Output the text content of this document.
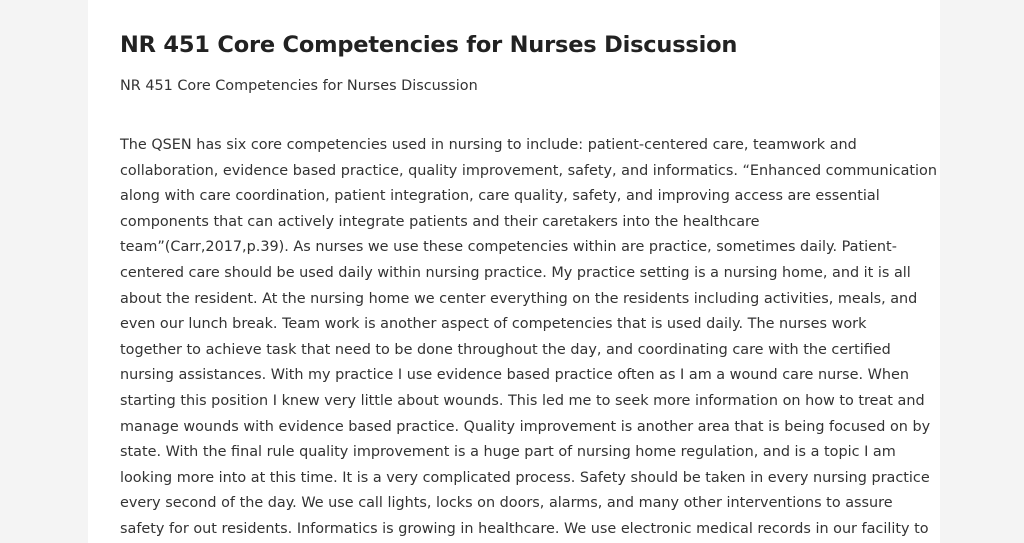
NR 451 Core Competencies for Nurses Discussion

NR 451 Core Competencies for Nurses Discussion

The QSEN has six core competencies used in nursing to include: patient-centered care, teamwork and
collaboration, evidence based practice, quality improvement, safety, and informatics. “Enhanced communication
along with care coordination, patient integration, care quality, safety, and improving access are essential
components that can actively integrate patients and their caretakers into the healthcare
team”(Carr,2017,p.39). As nurses we use these competencies within are practice, sometimes daily. Patient-
centered care should be used daily within nursing practice. My practice setting is a nursing home, and it is all
about the resident. At the nursing home we center everything on the residents including activities, meals, and
even our lunch break. Team work is another aspect of competencies that is used daily. The nurses work
together to achieve task that need to be done throughout the day, and coordinating care with the certified
nursing assistances. With my practice I use evidence based practice often as I am a wound care nurse. When
starting this position I knew very little about wounds. This led me to seek more information on how to treat and
manage wounds with evidence based practice. Quality improvement is another area that is being focused on by
state. With the final rule quality improvement is a huge part of nursing home regulation, and is a topic I am
looking more into at this time. It is a very complicated process. Safety should be taken in every nursing practice
every second of the day. We use call lights, locks on doors, alarms, and many other interventions to assure
safety for out residents. Informatics is growing in healthcare. We use electronic medical records in our facility to
